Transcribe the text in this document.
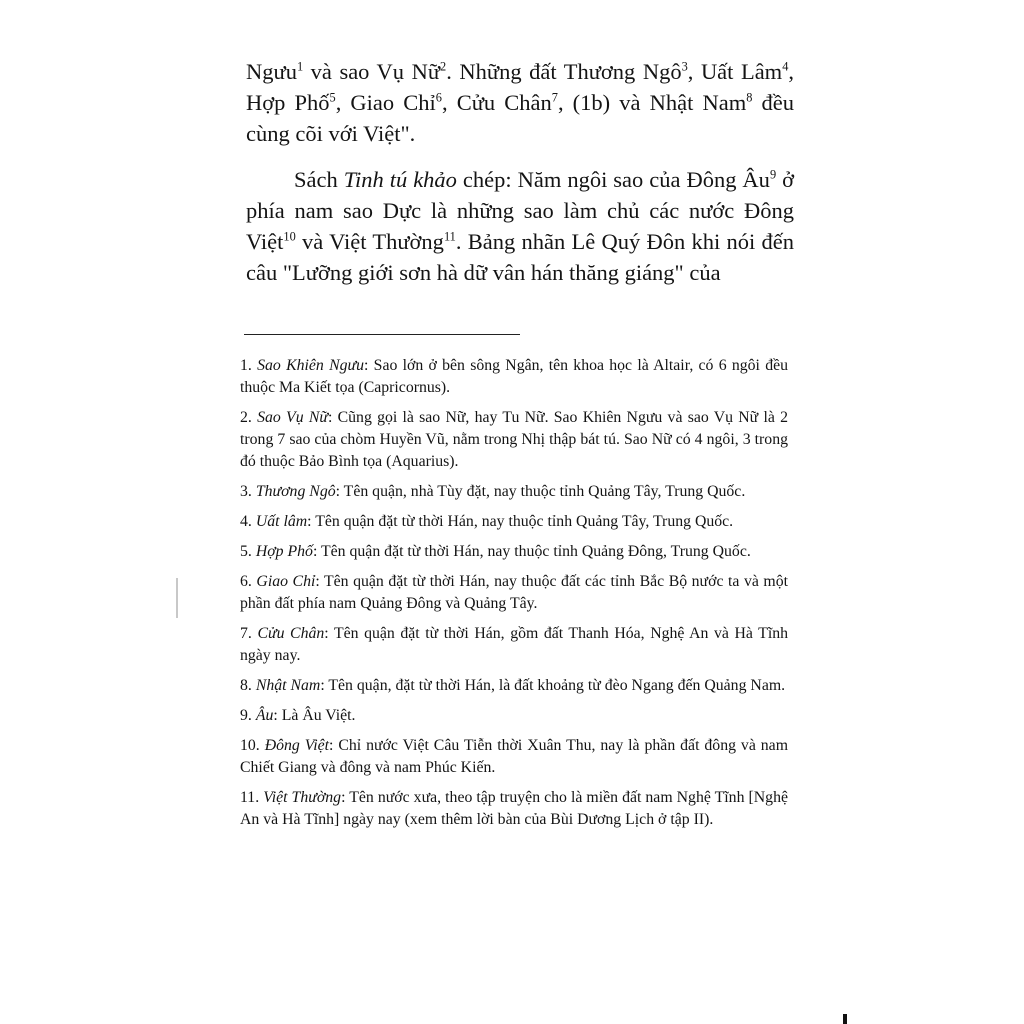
Ngưu$^1$ và sao Vụ Nữ$^2$. Những đất Thương Ngô$^3$, Uất Lâm$^4$, Hợp Phố$^5$, Giao Chỉ$^6$, Cửu Chân$^7$, (1b) và Nhật Nam$^8$ đều cùng cõi với Việt".

Sách Tinh tú khảo chép: Năm ngôi sao của Đông $Âu^9$ ở phía nam sao Dực là những sao làm chủ các nước Đông Việt$^{10}$ và Việt Thường$^{11}$. Bảng nhãn Lê Quý Đôn khi nói đến câu "Lưỡng giới sơn hà dữ vân hán thăng giáng" của

1. Sao Khiên Ngưu: Sao lớn ở bên sông Ngân, tên khoa học là Altair, có 6 ngôi đều thuộc Ma Kiết tọa (Capricornus).

2. Sao Vụ Nữ: Cũng gọi là sao Nữ, hay Tu Nữ. Sao Khiên Ngưu và sao Vụ Nữ là 2 trong 7 sao của chòm Huyền Vũ, nằm trong Nhị thập bát tú. Sao Nữ có 4 ngôi, 3 trong đó thuộc Bảo Bình tọa (Aquarius).

3. Thương Ngô: Tên quận, nhà Tùy đặt, nay thuộc tỉnh Quảng Tây, Trung Quốc.

4. Uất lâm: Tên quận đặt từ thời Hán, nay thuộc tỉnh Quảng Tây, Trung Quốc.

5. Hợp Phố: Tên quận đặt từ thời Hán, nay thuộc tỉnh Quảng Đông, Trung Quốc.

6. Giao Chỉ: Tên quận đặt từ thời Hán, nay thuộc đất các tỉnh Bắc Bộ nước ta và một phần đất phía nam Quảng Đông và Quảng Tây.

7. Cửu Chân: Tên quận đặt từ thời Hán, gồm đất Thanh Hóa, Nghệ An và Hà Tĩnh ngày nay.

8. Nhật Nam: Tên quận, đặt từ thời Hán, là đất khoảng từ đèo Ngang đến Quảng Nam.

9. Âu: Là Âu Việt.

10. Đông Việt: Chỉ nước Việt Câu Tiễn thời Xuân Thu, nay là phần đất đông và nam Chiết Giang và đông và nam Phúc Kiến.

11. Việt Thường: Tên nước xưa, theo tập truyện cho là miền đất nam Nghệ Tĩnh [Nghệ An và Hà Tĩnh] ngày nay (xem thêm lời bàn của Bùi Dương Lịch ở tập II).
